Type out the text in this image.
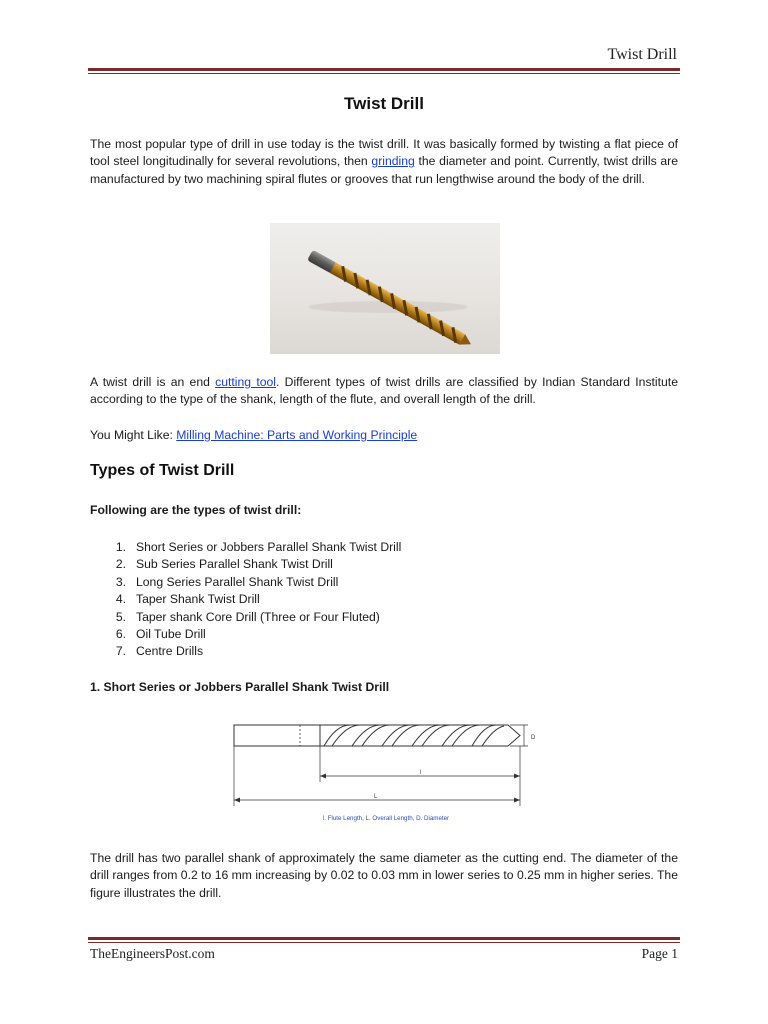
Twist Drill
Twist Drill

The most popular type of drill in use today is the twist drill. It was basically formed by twisting a flat piece of tool steel longitudinally for several revolutions, then grinding the diameter and point. Currently, twist drills are manufactured by two machining spiral flutes or grooves that run lengthwise around the body of the drill.

A twist drill is an end cutting tool. Different types of twist drills are classified by Indian Standard Institute according to the type of the shank, length of the flute, and overall length of the drill.

You Might Like: Milling Machine: Parts and Working Principle
Types of Twist Drill
Following are the types of twist drill:
1. Short Series or Jobbers Parallel Shank Twist Drill
2. Sub Series Parallel Shank Twist Drill
3. Long Series Parallel Shank Twist Drill
4. Taper Shank Twist Drill
5. Taper shank Core Drill (Three or Four Fluted)
6. Oil Tube Drill
7. Centre Drills
1. Short Series or Jobbers Parallel Shank Twist Drill
D
l
L
l. Flute Length, L. Overall Length, D. Diameter

The drill has two parallel shank of approximately the same diameter as the cutting end. The diameter of the drill ranges from 0.2 to 16 mm increasing by 0.02 to 0.03 mm in lower series to 0.25 mm in higher series. The figure illustrates the drill.

TheEngineersPost.com	Page 1
